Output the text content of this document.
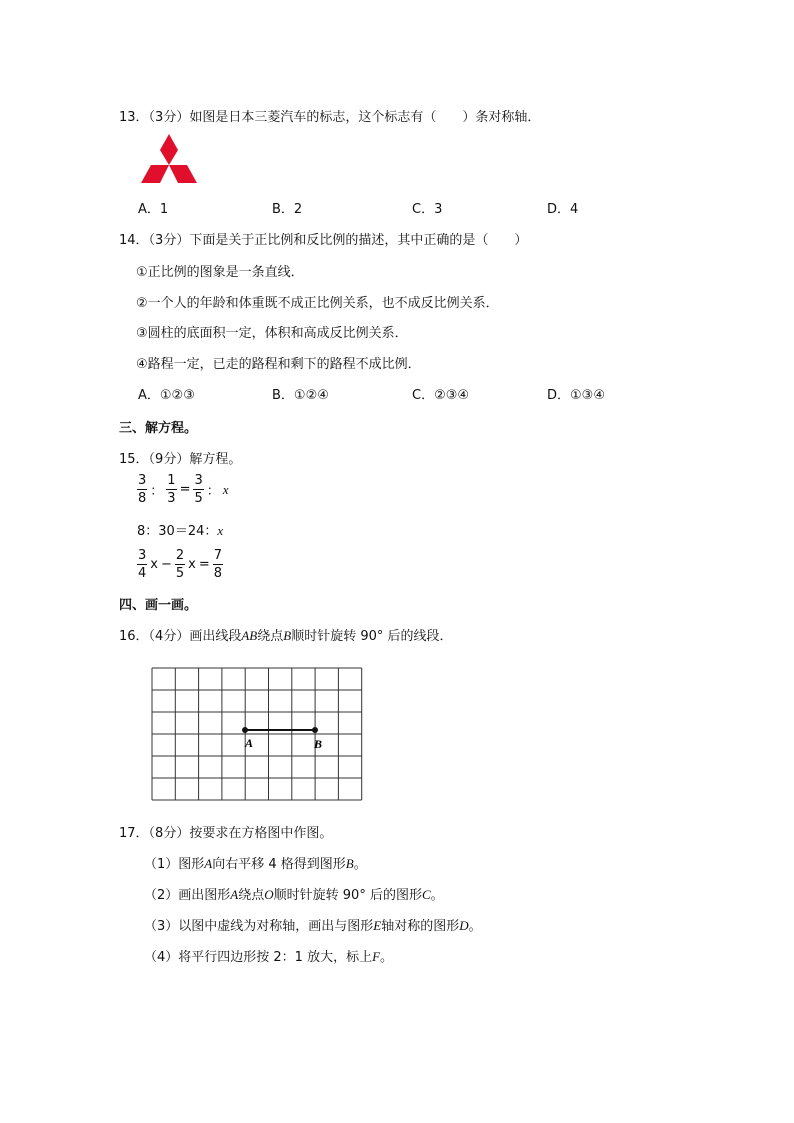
13．（3分）如图是日本三菱汽车的标志，这个标志有（　　）条对称轴．
A．1	B．2	C．3	D．4
14．（3分）下面是关于正比例和反比例的描述，其中正确的是（　　）
①正比例的图象是一条直线．
②一个人的年龄和体重既不成正比例关系，也不成反比例关系．
③圆柱的底面积一定，体积和高成反比例关系．
④路程一定，已走的路程和剩下的路程不成比例．
A．①②③	B．①②④	C．②③④	D．①③④
三、解方程。
15．（9分）解方程。
$\frac{3}{8}$ ： $\frac{1}{3} = \frac{3}{5}$ ： x
8：30＝24：x
$\frac{3}{4}$ $x - \frac{2}{5}$ $x = \frac{7}{8}$
四、画一画。
16．（4分）画出线段AB绕点B顺时针旋转 90° 后的线段．
A	B
17．（8分）按要求在方格图中作图。
（1）图形A向右平移 4 格得到图形B。
（2）画出图形A绕点O顺时针旋转 90° 后的图形C。
（3）以图中虚线为对称轴，画出与图形E轴对称的图形D。
（4）将平行四边形按 2：1 放大，标上F。
